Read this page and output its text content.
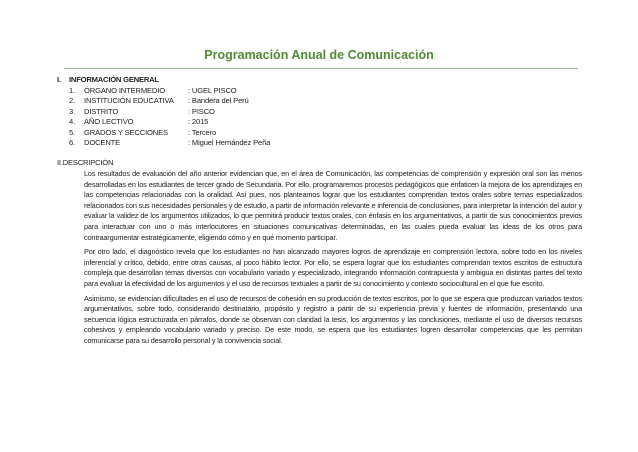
Programación Anual de Comunicación
I. INFORMACIÓN GENERAL
1. ÓRGANO INTERMEDIO	: UGEL PISCO
2. INSTITUCIÓN EDUCATIVA : Bandera del Perú
3. DISTRITO	: PISCO
4. AÑO LECTIVO	: 2015
5. GRADOS Y SECCIONES	: Tercero
6. DOCENTE	: Miguel Hernández Peña
II.DESCRIPCIÓN

Los resultados de evaluación del año anterior evidencian que, en el área de Comunicación, las competencias de comprensión y expresión oral son las menos desarrolladas en los estudiantes de tercer grado de Secundaria. Por ello, programaremos procesos pedagógicos que enfaticen la mejora de los aprendizajes en las competencias relacionadas con la oralidad. Así pues, nos planteamos lograr que los estudiantes comprendan textos orales sobre temas especializados relacionados con sus necesidades personales y de estudio, a partir de información relevante e inferencia de conclusiones, para interpretar la intención del autor y evaluar la validez de los argumentos utilizados, lo que permitirá producir textos orales, con énfasis en los argumentativos, a partir de sus conocimientos previos para interactuar con uno o más interlocutores en situaciones comunicativas determinadas, en las cuales pueda evaluar las ideas de los otros para contraargumentar estratégicamente, eligiendo cómo y en qué momento participar.

Por otro lado, el diagnóstico revela que los estudiantes no han alcanzado mayores logros de aprendizaje en comprensión lectora, sobre todo en los niveles inferencial y crítico, debido, entre otras causas, al poco hábito lector. Por ello, se espera lograr que los estudiantes comprendan textos escritos de estructura compleja que desarrollan temas diversos con vocabulario variado y especializado, integrando información contrapuesta y ambigua en distintas partes del texto para evaluar la efectividad de los argumentos y el uso de recursos textuales a partir de su conocimiento y contexto sociocultural en el que fue escrito.

Asimismo, se evidencian dificultades en el uso de recursos de cohesión en su producción de textos escritos, por lo que se espera que produzcan variados textos argumentativos, sobre todo, considerando destinatario, propósito y registro a partir de su experiencia previa y fuentes de información, presentando una secuencia lógica estructurada en párrafos, donde se observan con claridad la tesis, los argumentos y las conclusiones, mediante el uso de diversos recursos cohesivos y empleando vocabulario variado y preciso. De este modo, se espera que los estudiantes logren desarrollar competencias que les permitan comunicarse para su desarrollo personal y la convivencia social.
